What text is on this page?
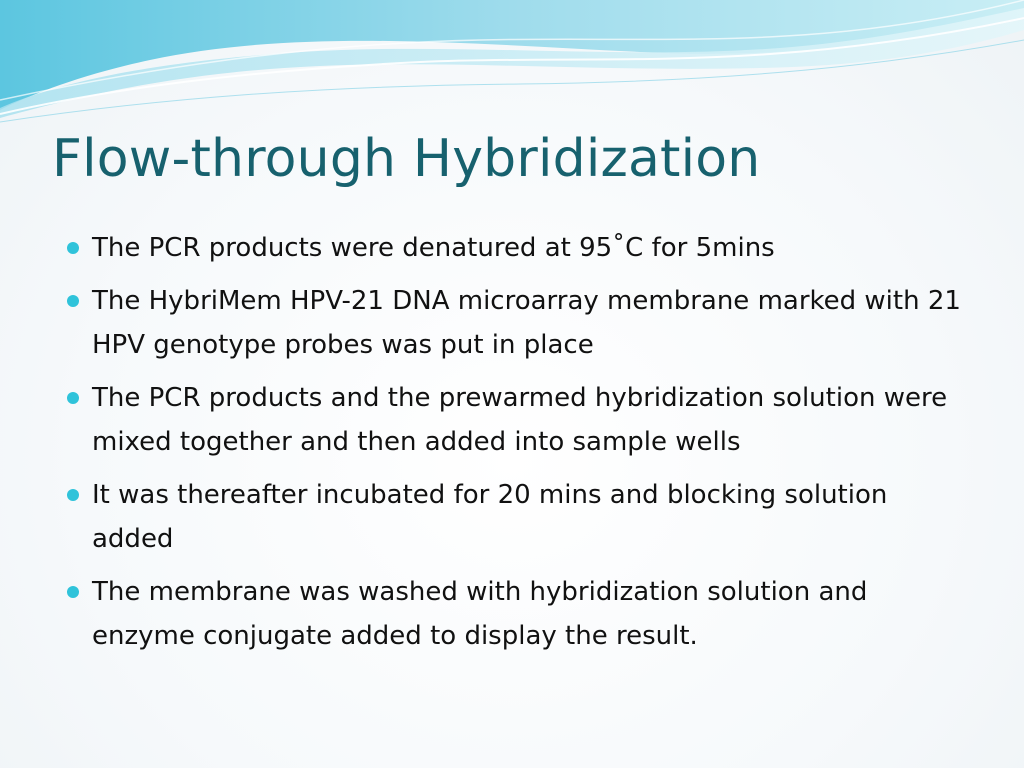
Flow-through Hybridization
The PCR products were denatured at 95˚C for 5mins
The HybriMem HPV-21 DNA microarray membrane marked with 21 HPV genotype probes was put in place
The PCR products and the prewarmed hybridization solution were mixed together and then added into sample wells
It was thereafter incubated for 20 mins and blocking solution added
The membrane was washed with hybridization solution and enzyme conjugate added to display the result.
